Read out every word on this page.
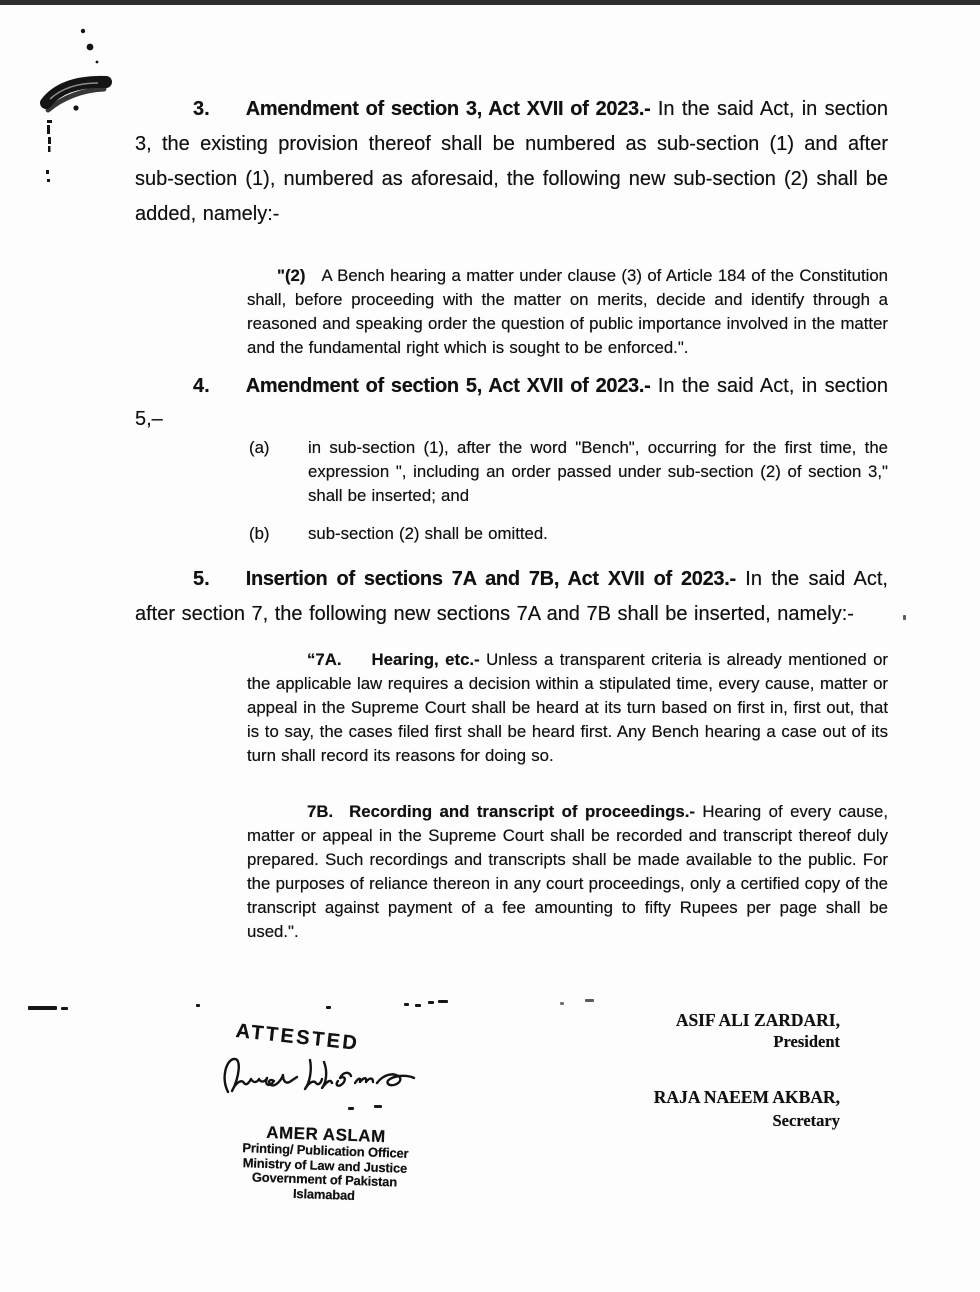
3. Amendment of section 3, Act XVII of 2023.- In the said Act, in section 3, the existing provision thereof shall be numbered as sub-section (1) and after sub-section (1), numbered as aforesaid, the following new sub-section (2) shall be added, namely:-

"(2) A Bench hearing a matter under clause (3) of Article 184 of the Constitution shall, before proceeding with the matter on merits, decide and identify through a reasoned and speaking order the question of public importance involved in the matter and the fundamental right which is sought to be enforced.".

4. Amendment of section 5, Act XVII of 2023.- In the said Act, in section 5,–

(a)	in sub-section (1), after the word "Bench", occurring for the first time, the expression ", including an order passed under sub-section (2) of section 3," shall be inserted; and
(b)	sub-section (2) shall be omitted.

5. Insertion of sections 7A and 7B, Act XVII of 2023.- In the said Act, after section 7, the following new sections 7A and 7B shall be inserted, namely:-

“7A. Hearing, etc.- Unless a transparent criteria is already mentioned or the applicable law requires a decision within a stipulated time, every cause, matter or appeal in the Supreme Court shall be heard at its turn based on first in, first out, that is to say, the cases filed first shall be heard first. Any Bench hearing a case out of its turn shall record its reasons for doing so.

7B. Recording and transcript of proceedings.- Hearing of every cause, matter or appeal in the Supreme Court shall be recorded and transcript thereof duly prepared. Such recordings and transcripts shall be made available to the public. For the purposes of reliance thereon in any court proceedings, only a certified copy of the transcript against payment of a fee amounting to fifty Rupees per page shall be used.".

ATTESTED
AMER ASLAM
Printing/ Publication Officer
Ministry of Law and Justice
Government of Pakistan
Islamabad
ASIF ALI ZARDARI,
President
RAJA NAEEM AKBAR,
Secretary
